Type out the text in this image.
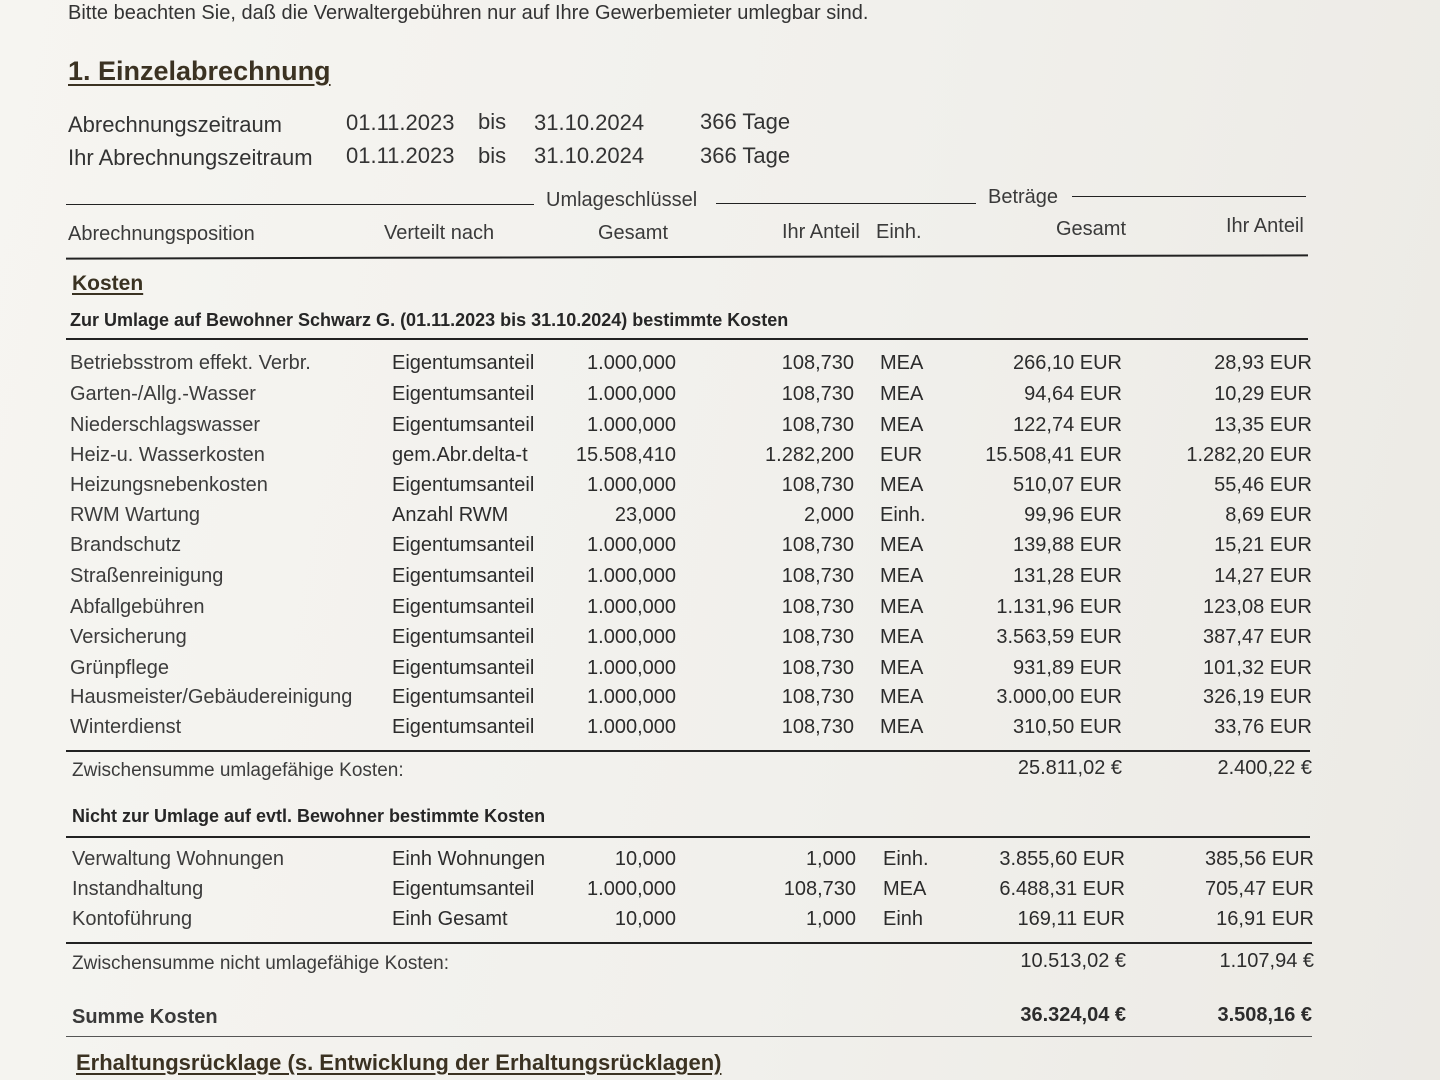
Bitte beachten Sie, daß die Verwaltergebühren nur auf Ihre Gewerbemieter umlegbar sind.
1. Einzelabrechnung
Abrechnungszeitraum	01.11.2023 bis 31.10.2024	366 Tage
Ihr Abrechnungszeitraum 01.11.2023 bis 31.10.2024	366 Tage
Umlageschlüssel	Beträge
Abrechnungsposition	Verteilt nach	Gesamt	Ihr Anteil Einh.	Gesamt	Ihr Anteil
Kosten
Zur Umlage auf Bewohner Schwarz G. (01.11.2023 bis 31.10.2024) bestimmte Kosten
Betriebsstrom effekt. Verbr.	Eigentumsanteil	1.000,000	108,730 MEA	266,10 EUR	28,93 EUR
Garten-/Allg.-Wasser	Eigentumsanteil	1.000,000	108,730 MEA	94,64 EUR	10,29 EUR
Niederschlagswasser	Eigentumsanteil	1.000,000	108,730 MEA	122,74 EUR	13,35 EUR
Heiz-u. Wasserkosten	gem.Abr.delta-t 15.508,410	1.282,200 EUR	15.508,41 EUR	1.282,20 EUR
Heizungsnebenkosten	Eigentumsanteil	1.000,000	108,730 MEA	510,07 EUR	55,46 EUR
RWM Wartung	Anzahl RWM	23,000	2,000 Einh.	99,96 EUR	8,69 EUR
Brandschutz	Eigentumsanteil	1.000,000	108,730 MEA	139,88 EUR	15,21 EUR
Straßenreinigung	Eigentumsanteil	1.000,000	108,730 MEA	131,28 EUR	14,27 EUR
Abfallgebühren	Eigentumsanteil	1.000,000	108,730 MEA	1.131,96 EUR	123,08 EUR
Versicherung	Eigentumsanteil	1.000,000	108,730 MEA	3.563,59 EUR	387,47 EUR
Grünpflege	Eigentumsanteil	1.000,000	108,730 MEA	931,89 EUR	101,32 EUR
Hausmeister/Gebäudereinigung Eigentumsanteil	1.000,000	108,730 MEA	3.000,00 EUR	326,19 EUR
Winterdienst	Eigentumsanteil	1.000,000	108,730 MEA	310,50 EUR	33,76 EUR
Zwischensumme umlagefähige Kosten:	25.811,02 €	2.400,22 €
Nicht zur Umlage auf evtl. Bewohner bestimmte Kosten
Verwaltung Wohnungen	Einh Wohnungen	10,000	1,000 Einh.	3.855,60 EUR	385,56 EUR
Instandhaltung	Eigentumsanteil	1.000,000	108,730 MEA	6.488,31 EUR	705,47 EUR
Kontoführung	Einh Gesamt	10,000	1,000 Einh	169,11 EUR	16,91 EUR
Zwischensumme nicht umlagefähige Kosten:	10.513,02 €	1.107,94 €
Summe Kosten	36.324,04 €	3.508,16 €
Erhaltungsrücklage (s. Entwicklung der Erhaltungsrücklagen)
